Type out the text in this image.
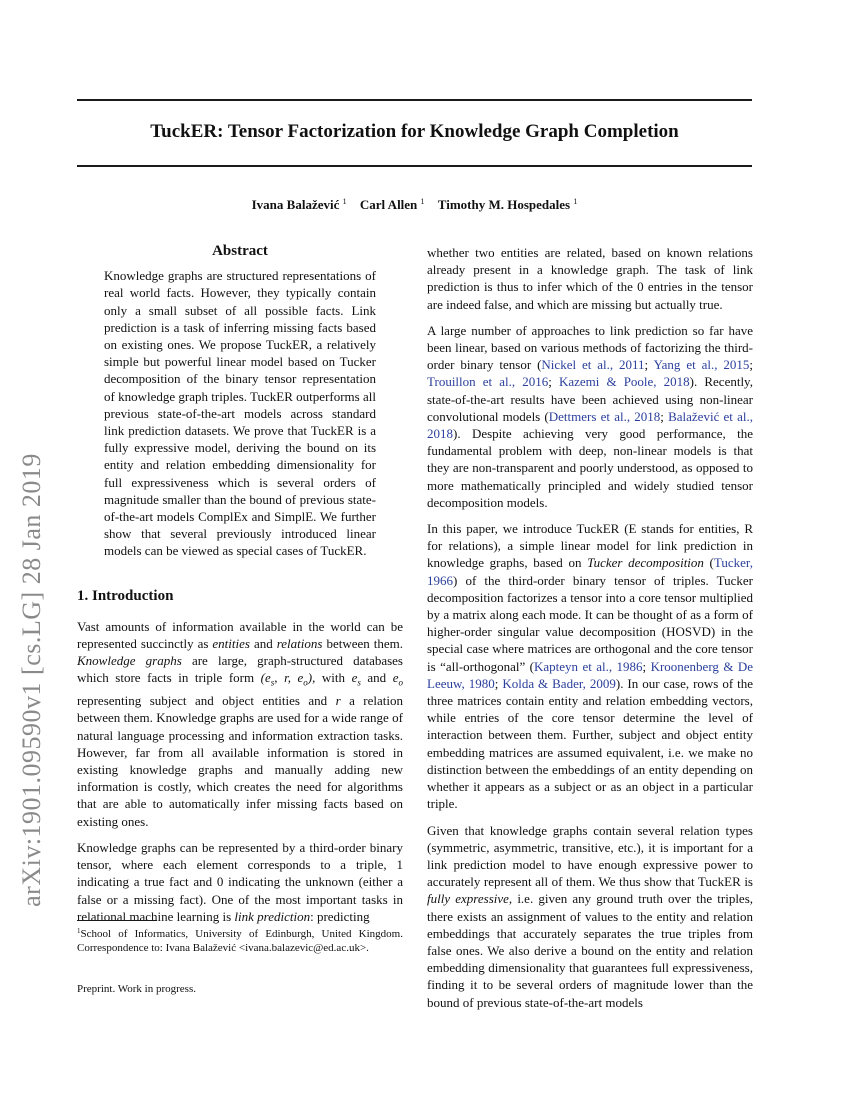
TuckER: Tensor Factorization for Knowledge Graph Completion
Ivana Balažević $^1$ Carl Allen $^1$ Timothy M. Hospedales $^1$
arXiv:1901.09590v1 [cs.LG] 28 Jan 2019
Abstract

Knowledge graphs are structured representations of real world facts. However, they typically contain only a small subset of all possible facts. Link prediction is a task of inferring missing facts based on existing ones. We propose TuckER, a relatively simple but powerful linear model based on Tucker decomposition of the binary tensor representation of knowledge graph triples. TuckER outperforms all previous state-of-the-art models across standard link prediction datasets. We prove that TuckER is a fully expressive model, deriving the bound on its entity and relation embedding dimensionality for full expressiveness which is several orders of magnitude smaller than the bound of previous state-of-the-art models ComplEx and SimplE. We further show that several previously introduced linear models can be viewed as special cases of TuckER.

1. Introduction

Vast amounts of information available in the world can be represented succinctly as entities and relations between them. Knowledge graphs are large, graph-structured databases which store facts in triple form ($e_s$, r, $e_o$), with $e_s$ and $e_o$ representing subject and object entities and r a relation between them. Knowledge graphs are used for a wide range of natural language processing and information extraction tasks. However, far from all available information is stored in existing knowledge graphs and manually adding new information is costly, which creates the need for algorithms that are able to automatically infer missing facts based on existing ones.

Knowledge graphs can be represented by a third-order binary tensor, where each element corresponds to a triple, 1 indicating a true fact and 0 indicating the unknown (either a false or a missing fact). One of the most important tasks in relational machine learning is link prediction: predicting

$^1$School of Informatics, University of Edinburgh, United Kingdom. Correspondence to: Ivana Balažević <ivana.balazevic@ed.ac.uk>.

Preprint. Work in progress.

whether two entities are related, based on known relations already present in a knowledge graph. The task of link prediction is thus to infer which of the 0 entries in the tensor are indeed false, and which are missing but actually true.

A large number of approaches to link prediction so far have been linear, based on various methods of factorizing the third-order binary tensor (Nickel et al., 2011; Yang et al., 2015; Trouillon et al., 2016; Kazemi & Poole, 2018). Recently, state-of-the-art results have been achieved using non-linear convolutional models (Dettmers et al., 2018; Balažević et al., 2018). Despite achieving very good performance, the fundamental problem with deep, non-linear models is that they are non-transparent and poorly understood, as opposed to more mathematically principled and widely studied tensor decomposition models.

In this paper, we introduce TuckER (E stands for entities, R for relations), a simple linear model for link prediction in knowledge graphs, based on Tucker decomposition (Tucker, 1966) of the third-order binary tensor of triples. Tucker decomposition factorizes a tensor into a core tensor multiplied by a matrix along each mode. It can be thought of as a form of higher-order singular value decomposition (HOSVD) in the special case where matrices are orthogonal and the core tensor is “all-orthogonal” (Kapteyn et al., 1986; Kroonenberg & De Leeuw, 1980; Kolda & Bader, 2009). In our case, rows of the three matrices contain entity and relation embedding vectors, while entries of the core tensor determine the level of interaction between them. Further, subject and object entity embedding matrices are assumed equivalent, i.e. we make no distinction between the embeddings of an entity depending on whether it appears as a subject or as an object in a particular triple.

Given that knowledge graphs contain several relation types (symmetric, asymmetric, transitive, etc.), it is important for a link prediction model to have enough expressive power to accurately represent all of them. We thus show that TuckER is fully expressive, i.e. given any ground truth over the triples, there exists an assignment of values to the entity and relation embeddings that accurately separates the true triples from false ones. We also derive a bound on the entity and relation embedding dimensionality that guarantees full expressiveness, finding it to be several orders of magnitude lower than the bound of previous state-of-the-art models
